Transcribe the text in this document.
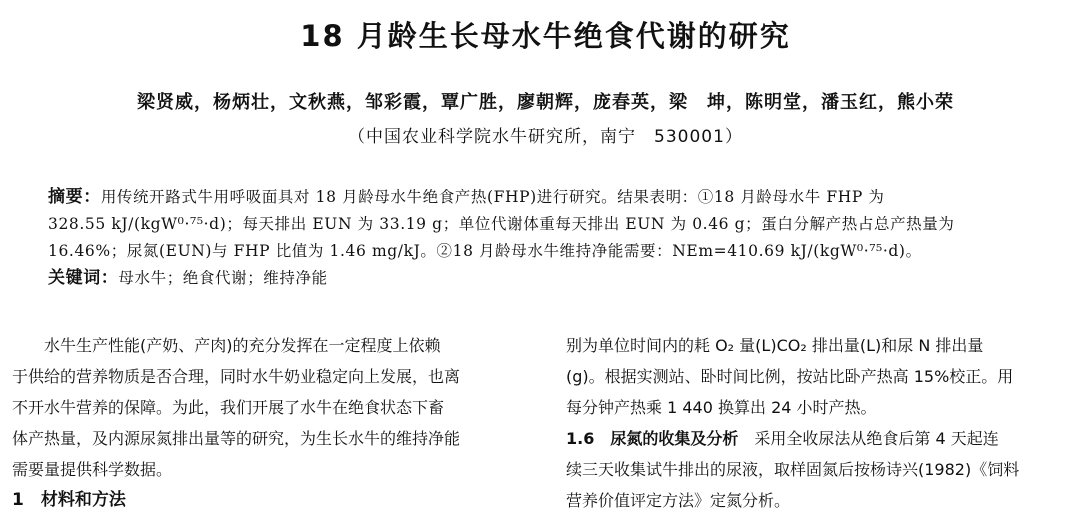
18 月龄生长母水牛绝食代谢的研究
梁贤威，杨炳壮，文秋燕，邹彩霞，覃广胜，廖朝辉，庞春英，梁　坤，陈明堂，潘玉红，熊小荣
（中国农业科学院水牛研究所，南宁　530001）

摘要：用传统开路式牛用呼吸面具对 18 月龄母水牛绝食产热(FHP)进行研究。结果表明：①18 月龄母水牛 FHP 为

328.55 kJ/(kgW⁰·⁷⁵·d)；每天排出 EUN 为 33.19 g；单位代谢体重每天排出 EUN 为 0.46 g；蛋白分解产热占总产热量为

16.46%；尿氮(EUN)与 FHP 比值为 1.46 mg/kJ。②18 月龄母水牛维持净能需要：NEm=410.69 kJ/(kgW⁰·⁷⁵·d)。

关键词：母水牛；绝食代谢；维持净能

　　水牛生产性能(产奶、产肉)的充分发挥在一定程度上依赖

于供给的营养物质是否合理，同时水牛奶业稳定向上发展，也离

不开水牛营养的保障。为此，我们开展了水牛在绝食状态下畜

体产热量，及内源尿氮排出量等的研究，为生长水牛的维持净能

需要量提供科学数据。

1　材料和方法

别为单位时间内的耗 O₂ 量(L)CO₂ 排出量(L)和尿 N 排出量

(g)。根据实测站、卧时间比例，按站比卧产热高 15%校正。用

每分钟产热乘 1 440 换算出 24 小时产热。

1.6　尿氮的收集及分析　采用全收尿法从绝食后第 4 天起连

续三天收集试牛排出的尿液，取样固氮后按杨诗兴(1982)《饲料

营养价值评定方法》定氮分析。
